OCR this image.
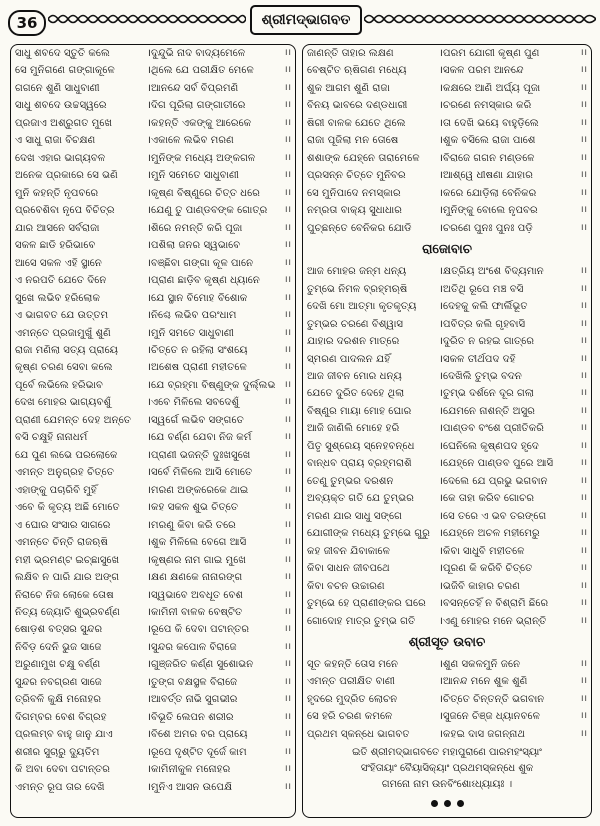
36	ଶ୍ରୀମଦ୍ଭାଗବତ
ସାଧୁ ଶବଦେ ସ୍ତୁତି କଲେ	। ଦୁନ୍ଦୁଭି ନାଦ ବାଦ୍ୟମେଳେ	।।
ସେ ମୁନିଗଣେ ଗଙ୍ଗାକୂଳେ	। ଥିଲେ ଯେ ପରୀକ୍ଷିତ ମେଳେ	।।
ଗଗନେ ଶୁଣି ସାଧୁବାଣୀ	। ଆନନ୍ଦେ ସର୍ବ ବିପ୍ରମଣି	।।
ସାଧୁ ଶବଦେ ଉଚ୍ଚସ୍ୱରେ	। ଦିଗ ପୂରିଲା ଗଙ୍ଗାତୀରେ	।।
ପ୍ରଜାଏ ଅଶ୍ରୁଗତ ମୁଖେ	। କହନ୍ତି ଏକଙ୍କୁ ଆରେକେ	।।
ଏ ସାଧୁ ରାଜା ବିଚକ୍ଷଣ	। ଏକାଳେ ଲଭିବ ମରଣ	।।
ଦେଖ ଏହାର ଭାଗ୍ୟବଳ	। ମୁନିଙ୍କ ମଧ୍ୟେ ଅଙ୍କଗଳ	।।
ଅନେକ ପ୍ରକାରେ ସେ ଭଣି	। ମୁନି ସମେତେ ସାଧୁବାଣୀ	।।
ମୁନି କହନ୍ତି ନୃପବରେ	। କୃଷ୍ଣ ବିଷ୍ଣୁରେ ଚିତ୍ତ ଧରେ	।।
ପ୍ରବେଶିବା ନୃପେ ବିଚିତ୍ର	। ଯେଣୁ ତୁ ପାଣ୍ଡବଙ୍କ ଗୋତ୍ର	।।
ଯାର ଆସନେ ସର୍ବରାଜା	। ଶିରେ ନମନ୍ତି କରି ପୂଜା	।।
ସକଳ ଛାଡି ହରିଭାବେ	। ପଶିଲା ଜନର ସ୍ୱଭାବେ	।।
ଆସେ ସକଳ ଏହି ସ୍ଥାନେ	। ବଞ୍ଛିବା ଗଙ୍ଗା କୂଳ ପାନେ	।।
ଏ ନରପତି ଯେତେ ଦିନେ	। ପ୍ରାଣ ଛାଡ଼ିବ କୃଷ୍ଣ ଧ୍ୟାନେ	।।
ସୁଖେ ଲଭିବ ହରିଲୋକ	। ଯେ ସ୍ଥାନ ବିମୋହ ବିଶୋକ	।।
ଏ ଭାଗବତ ଯେ ଉତ୍ତମ	। ନିଶ୍ଚେ ଲଭିବ ପରଂଧାମ	।।
ଏମନ୍ତେ ପ୍ରଜାମୁଖୁଁ ଶୁଣି	। ମୁନି ସମତେ ସାଧୁବାଣୀ	।।
ରାଜା ମଣିଲା ସତ୍ୟ ପ୍ରାୟେ	। ଚିତ୍ତେ ନ ରହିଲା ସଂଶୟେ	।।
କୃଷ୍ଣ ଚରଣ ସେବା କଲେ	। ଅଶେଷ ପ୍ରାଣୀ ମହୀତଳେ	।।
ପୂର୍ବେ ଲଭିଲେ ହରିଭାବ	। ଯେ ବ୍ରହ୍ମା ବିଷ୍ଣୁଙ୍କ ଦୁର୍ଲ୍ଲଭ ।।
ଦେଖ ମୋହର ଭାଗ୍ୟବଶୁଁ	। ଏବେ ମିଳିଲେ ସବଦେଶୁଁ	।।
ପ୍ରାଣୀ ଯେମନ୍ତ ଦେହ ଅନ୍ତେ	। ସ୍ୱର୍ଗେ ଲଭିବ ସଙ୍ଗତେ	।।
ବସି ଚକ୍ଷୁହି ନାନାଧର୍ମ	। ଯେ ବର୍ଣ୍ଣ ଯେବା ନିଜ କର୍ମ	।।
ଯେ ପୁଣ ଲଭେ ପରଲୋକେ	। ପ୍ରାଣୀ ଭଜନ୍ତି ଦୁଃଖସୁଖେ	।।
ଏମନ୍ତ ଅନୁଗ୍ରହ ଚିତ୍ତେ	। ସର୍ବେ ମିଳିଲେ ଆସି ମୋତେ	।।
ଏହାଙ୍କୁ ପଚାରିବି ମୁହିଁ	। ମରଣ ଅଙ୍କରେକେ ଥାଇ	।।
ଏବେ କି କୃତ୍ୟ ଅଛି ମୋତେ	। କହ ସକଳ ଶୁଭ ଚିତ୍ତେ	।।
ଏ ଘୋର ସଂସାର ସାଗରେ	। ମରଣୁ କିବା କରି ତରେ	।।
ଏମନ୍ତେ ଚିନ୍ତି ରାଜଋଷି	। ଶୁକ ମିଳିଲେ ବେଗେ ଆସି	।।
ମହୀ ଭ୍ରମଣ୍ଟ ଇଚ୍ଛାସୁଖେ	। କୃଷ୍ଣର ନାମ ଗାଇ ମୁଖେ	।।
ଲକ୍ଷିବ ନ ପାରି ଯାର ଅଙ୍ଗ	। କ୍ଷଣ କ୍ଷଣକେ ନାନାରଙ୍ଗ	।।
ନିରାଚେ ନିଜ ଲୋକେ ତୋଷ	। ସ୍ୱଭାବେ ଅବଧୂତ ବେଶ	।।
ନିତ୍ୟ ଜ୍ୟୋତି ଶୁଭ୍ରବର୍ଣ୍ଣ	। କାମିନୀ ବାଳକ ବେଷ୍ଟିତ	।।
ଷୋଡ଼ଶ ବତ୍ସର ସୁନ୍ଦର	। ରୂପେ କି ଦେବା ପଟାନ୍ତର	।।
ନିବିଡ଼ ଦେନି ଭୁଜ ସାଜେ	। ସୁନ୍ଦର କପୋଳ ବିରାଜେ	।।
ଅରୁଣାମୁଖ ଚକ୍ଷୁ ବର୍ଣ୍ଣ	। ଗୁଞ୍ଜରିତ କର୍ଣ୍ଣ ସୁଶୋଭନ	।।
ସୁନ୍ଦର ନବଗ୍ରଣ ସାଜେ	। ତୁଙ୍ଗ ବକ୍ଷସ୍ଥଳ ବିରାଜେ	।।
ତ୍ରିବଳି କୁକ୍ଷି ମନୋହର	। ଆବର୍ତ୍ତ ନାଭି ସୁଗଭୀର	।।
ଦିଗମ୍ବର ବେଶ ବିଗ୍ରହ	। ବିଭୂତି ଲେପନ ଶରୀର	।।
ପ୍ରଲମ୍ବ ବାହୁ ଜାନୁ ଯାଏ	। ବିଶେ ଅମର ବର ପ୍ରାୟେ	।।
ଶରୀର ସୁଚାରୁ ଦ୍ୟୁତିମ	। ରୂପେ ଦୃଶ୍ଟିତ ଦୂର୍ଜେ କାମ	।।
କି ଅବା ଦେବା ପଟାନ୍ତର	। କାମିନୀକୁଳ ମନୋହର	।।
ଏମନ୍ତ ରୂପ ତାର ଦେଖି	। ମୁନିଏ ଆସନ ଉପେକ୍ଷି	।।
ଜାଣନ୍ତି ତାହାର ଲକ୍ଷଣ	। ପରମ ଯୋଗୀ କୃଷ୍ଣ ପୁଣ	।।
ବେଷ୍ଟିତ ଋଷିଗଣ ମଧ୍ୟେ	। ସକଳ ପରମ ଆନନ୍ଦେ	।।
ଶୁକ ଆଗମ ଶୁଣି ରାଜା	। କକ୍ଷରେ ଆଣି ଅର୍ଘ୍ୟ ପୂଜା	।।
ବିନୟ ଭାବରେ ଦଣ୍ଡଧାରୀ	। ଚରଣେ ନମସ୍କାର କରି	।।
ଷିରୀ ବାଳକ ଯେତେ ଥିଲେ	। ତା ଦେଖି ଭୟେ ବାହୁଡ଼ିଲେ	।।
ରାଜା ପୂଜିଲା ମନ ତୋଷେ	। ଶୁକ ବସିଲେ ରାଜା ପାଶେ	।।
ଶଶାଙ୍କ ଯେହ୍ନେ ତାରାମେଳେ	। ବିରାଜେ ଗଗନ ମଣ୍ଡଳେ	।।
ପ୍ରସନ୍ନ ଚିତ୍ତେ ମୁନିବର	। ଆଶ୍ୱେ ଧୀଷଣା ଯାହାର	।।
ସେ ମୁନିପାଦେ ନମସ୍କାର	। କରେ ଯୋଡ଼ିଲା ବେନିକର	।।
ନମ୍ରତା ବାକ୍ୟ ସୁଧାଧାର	। ମୁନିଙ୍କୁ ବୋଲେ ନୃପବର	।।
ପୁଚ୍ଛନ୍ତେ ବେନିକର ଯୋଡି	। ଚରଣେ ପୁନଃ ପୁନଃ ପଡ଼ି	।।
ରାଜୋବାଚ
ଆଜ ମୋହର ଜନ୍ମ ଧନ୍ୟ	। କ୍ଷତ୍ରିୟ ଅଂଶେ ବିଦ୍ୟମାନ	।।
ତୁମ୍ଭେ ନିମଳ ବ୍ରହ୍ମଋଷି	। ଅତିଥି ରୂପେ ମଞ୍ଚ ବସି	।।
ଦେଖି ମୋ ଆତ୍ମା କୃତକୃତ୍ୟ	। ଦେହକୁ କଲି ଫାର୍ଲିଭୂତ	।।
ତୁମ୍ଭର ଚରଣେ ବିଶ୍ୱାସ	। ପବିତ୍ର କଲି ଗୃହବାସି	।।
ଯାହାର ଦରଶନ ମାତ୍ରେ	। ଦୁରିତ ନ ରହଇ ଗାତ୍ରେ	।।
ସ୍ମରଣ ପାଦଲନ ଯହିଁ	। ସକଳ ତୀର୍ଥପଦ ଦହି	।।
ଆଜ ଜୀବନ ମୋର ଧନ୍ୟ	। ଦେଖିଲି ତୁମ୍ଭ ବଦନ	।।
ଯେତେ ଦୁରିତ ଦେହେ ଥିଲା	। ତୁମ୍ଭ ଦର୍ଶନେ ଦୂର ଗଲା	।।
ବିଷ୍ଣୁର ମାୟା ମୋହ ଘୋର	। ଯେମନେ ନାଶନ୍ତି ଅସୁର	।।
ଆଜି ଜାଣିଲି ମୋହେ ହରି	। ପାଣ୍ଡବ ବଂଶେ ପ୍ରୀତିକରି	।।
ପିତୃ ସୁଶ୍ରେୟ ସ୍ନେହବନ୍ଧେ	। ଘେନିଲେ କୃଷ୍ଣପଦ ହୃଦେ	।।
ବାନ୍ଧବ ପ୍ରାୟ ବ୍ରହ୍ମରାଶି	। ଯେହ୍ନେ ପାଣ୍ଡବ ପୁରେ ଆସି	।।
ତେଣୁ ତୁମ୍ଭର ଦରଶନ	। ଦେଲେ ଯେ ପ୍ରଭୁ ଭଗବାନ	।।
ଅବ୍ୟକ୍ତ ଗତି ଯେ ତୁମ୍ଭର	। କେ ତାହା କରିବ ଗୋଚର	।।
ମରଣ ଯାର ସାଧୁ ସଙ୍ଗେ	। ସେ ତରେ ଏ ଭବ ତରଙ୍ଗେ	।।
ଯୋଗୀଙ୍କ ମଧ୍ୟେ ତୁମ୍ଭେ ଗୁରୁ । ଯେହ୍ନେ ଅଚଳ ମହୀମେରୁ	।।
କହ ଜୀବନ ଯିବାକାଳେ	। କିବା ସାଧୁବି ମହୀତଳେ	।।
କିବା ସାଧନ ଜୀବପଥେ	। ପୂରଣ କି କରିବି ଚିତ୍ତେ	।।
କିବା ବଚନ ଉଚ୍ଚାରଣ	। ଭଜିବି କାହାର ଚରଣ	।।
ତୁମ୍ଭେ ହେ ପ୍ରାଣୀଙ୍କର ଘରେ	। ବସନ୍ତେହିଁ ନ ବିଶ୍ରାମି ଛିରେ	।।
ଗୋଦୋହ ମାତ୍ର ତୁମ୍ଭ ଗତି	। ଏଣୁ ମୋହର ମନେ ଭ୍ରାନ୍ତି	।।
ଶ୍ରୀସୂତ ଉବାଚ
ସୂତ କହନ୍ତି ତୋସ ମନେ	। ଶୁଣ ସକଳମୁନି ଜନେ	।।
ଏମନ୍ତ ପରୀକ୍ଷିତ ବାଣୀ	। ଆନନ୍ଦ ମନେ ଶୁକ ଶୁଣି	।।
ହୃଦରେ ମୁଦ୍ରିତ ଲୋଚନ	। ଚିତ୍ତେ ଚିନ୍ତନ୍ତି ଭଗବାନ	।।
ସେ ହରି ଚରଣ କମଳେ	। ସୁଜନେ ଚିଞ୍ଜ ଧ୍ୟାନବଳେ	।।
ପ୍ରଥମ ସ୍କନ୍ଧେ ଭାଗବତ	। କହଇ ଦାସ ଜଗନ୍ନାଥ	।।
ଇତି ଶ୍ରୀମଦ୍ଭାଗବତେ ମହାପୁରାଣେ ପାରମହଂସ୍ୟାଂ
ସଂହିତାୟାଂ ବୈୟାସିକ୍ୟାଂ ପ୍ରଥମସ୍କନ୍ଧେ ଶୁକ
ଗମନୋ ନାମ ଉନବିଂଶୋଽଧ୍ୟାୟଃ ।
